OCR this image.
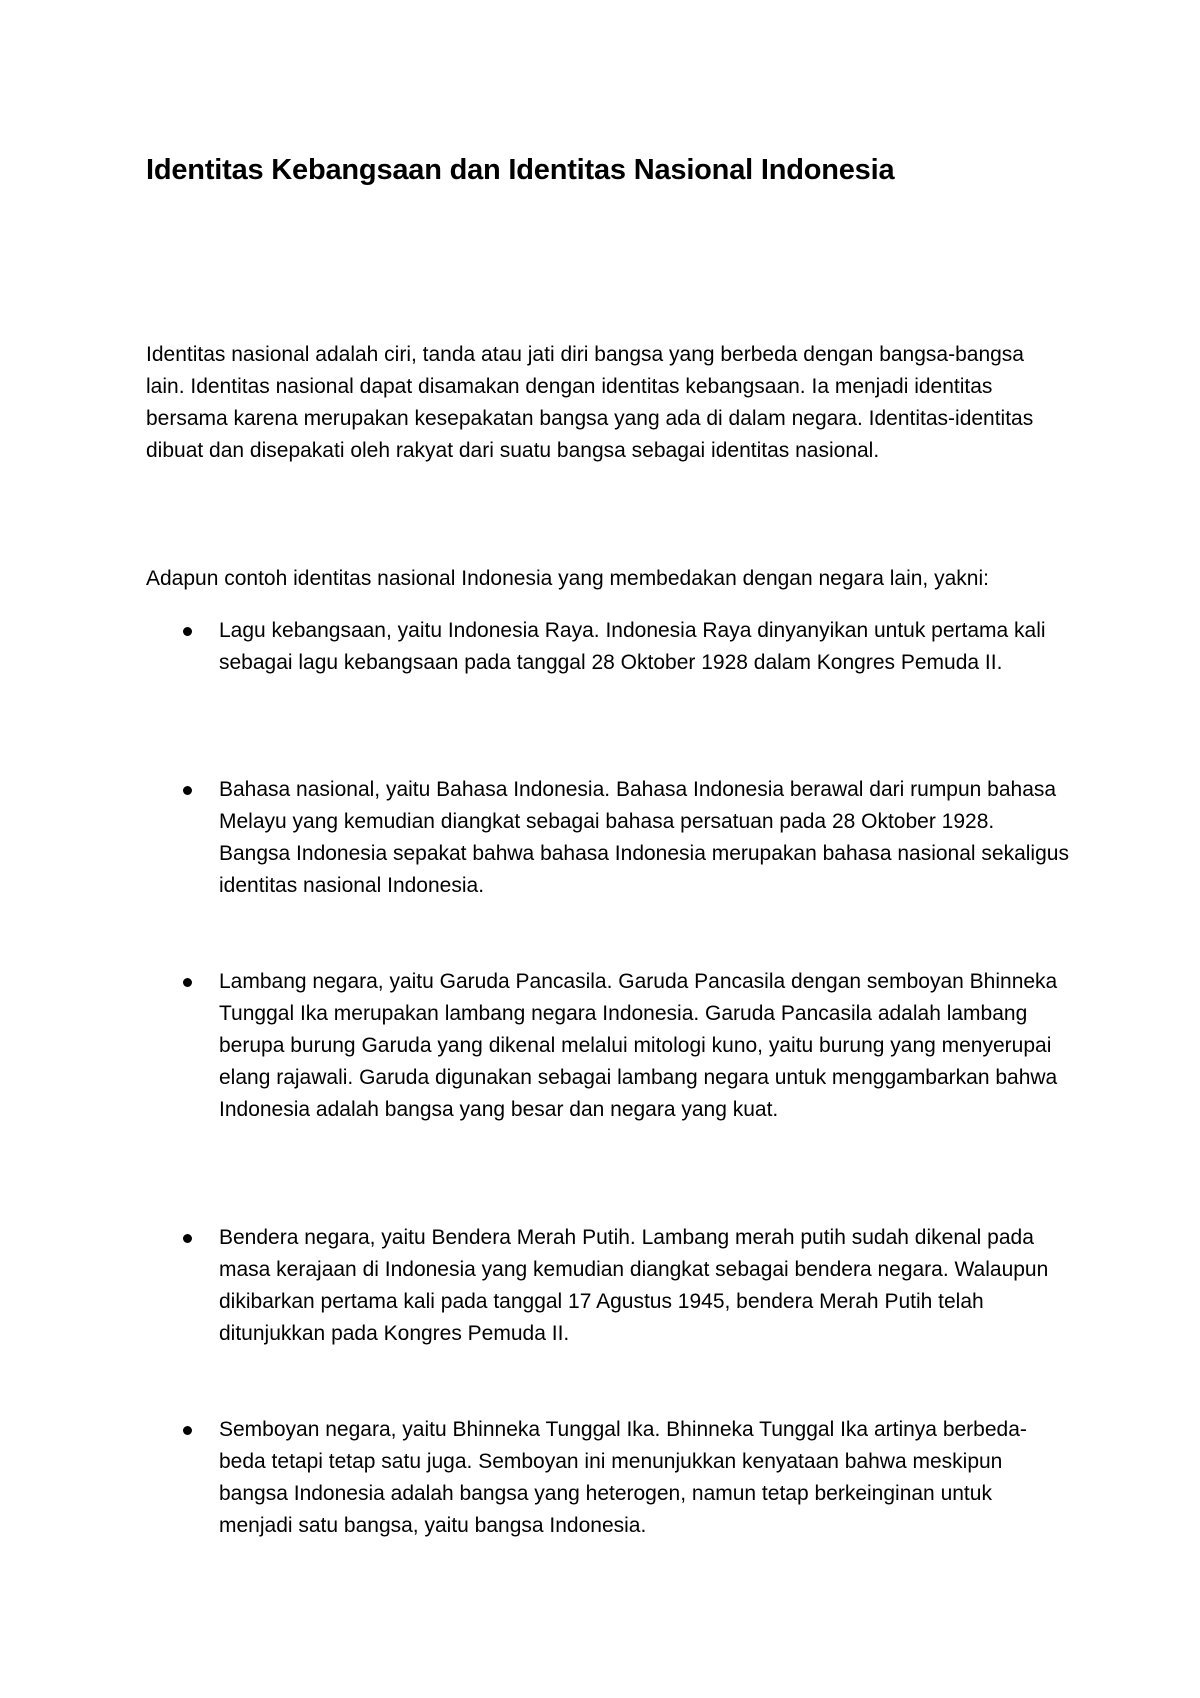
Identitas Kebangsaan dan Identitas Nasional Indonesia

Identitas nasional adalah ciri, tanda atau jati diri bangsa yang berbeda dengan bangsa-bangsa lain. Identitas nasional dapat disamakan dengan identitas kebangsaan. Ia menjadi identitas bersama karena merupakan kesepakatan bangsa yang ada di dalam negara. Identitas-identitas dibuat dan disepakati oleh rakyat dari suatu bangsa sebagai identitas nasional.

Adapun contoh identitas nasional Indonesia yang membedakan dengan negara lain, yakni:

Lagu kebangsaan, yaitu Indonesia Raya. Indonesia Raya dinyanyikan untuk pertama kali sebagai lagu kebangsaan pada tanggal 28 Oktober 1928 dalam Kongres Pemuda II.

Bahasa nasional, yaitu Bahasa Indonesia. Bahasa Indonesia berawal dari rumpun bahasa Melayu yang kemudian diangkat sebagai bahasa persatuan pada 28 Oktober 1928. Bangsa Indonesia sepakat bahwa bahasa Indonesia merupakan bahasa nasional sekaligus identitas nasional Indonesia.

Lambang negara, yaitu Garuda Pancasila. Garuda Pancasila dengan semboyan Bhinneka Tunggal Ika merupakan lambang negara Indonesia. Garuda Pancasila adalah lambang berupa burung Garuda yang dikenal melalui mitologi kuno, yaitu burung yang menyerupai elang rajawali. Garuda digunakan sebagai lambang negara untuk menggambarkan bahwa Indonesia adalah bangsa yang besar dan negara yang kuat.

Bendera negara, yaitu Bendera Merah Putih. Lambang merah putih sudah dikenal pada masa kerajaan di Indonesia yang kemudian diangkat sebagai bendera negara. Walaupun dikibarkan pertama kali pada tanggal 17 Agustus 1945, bendera Merah Putih telah ditunjukkan pada Kongres Pemuda II.

Semboyan negara, yaitu Bhinneka Tunggal Ika. Bhinneka Tunggal Ika artinya berbeda-beda tetapi tetap satu juga. Semboyan ini menunjukkan kenyataan bahwa meskipun bangsa Indonesia adalah bangsa yang heterogen, namun tetap berkeinginan untuk menjadi satu bangsa, yaitu bangsa Indonesia.
